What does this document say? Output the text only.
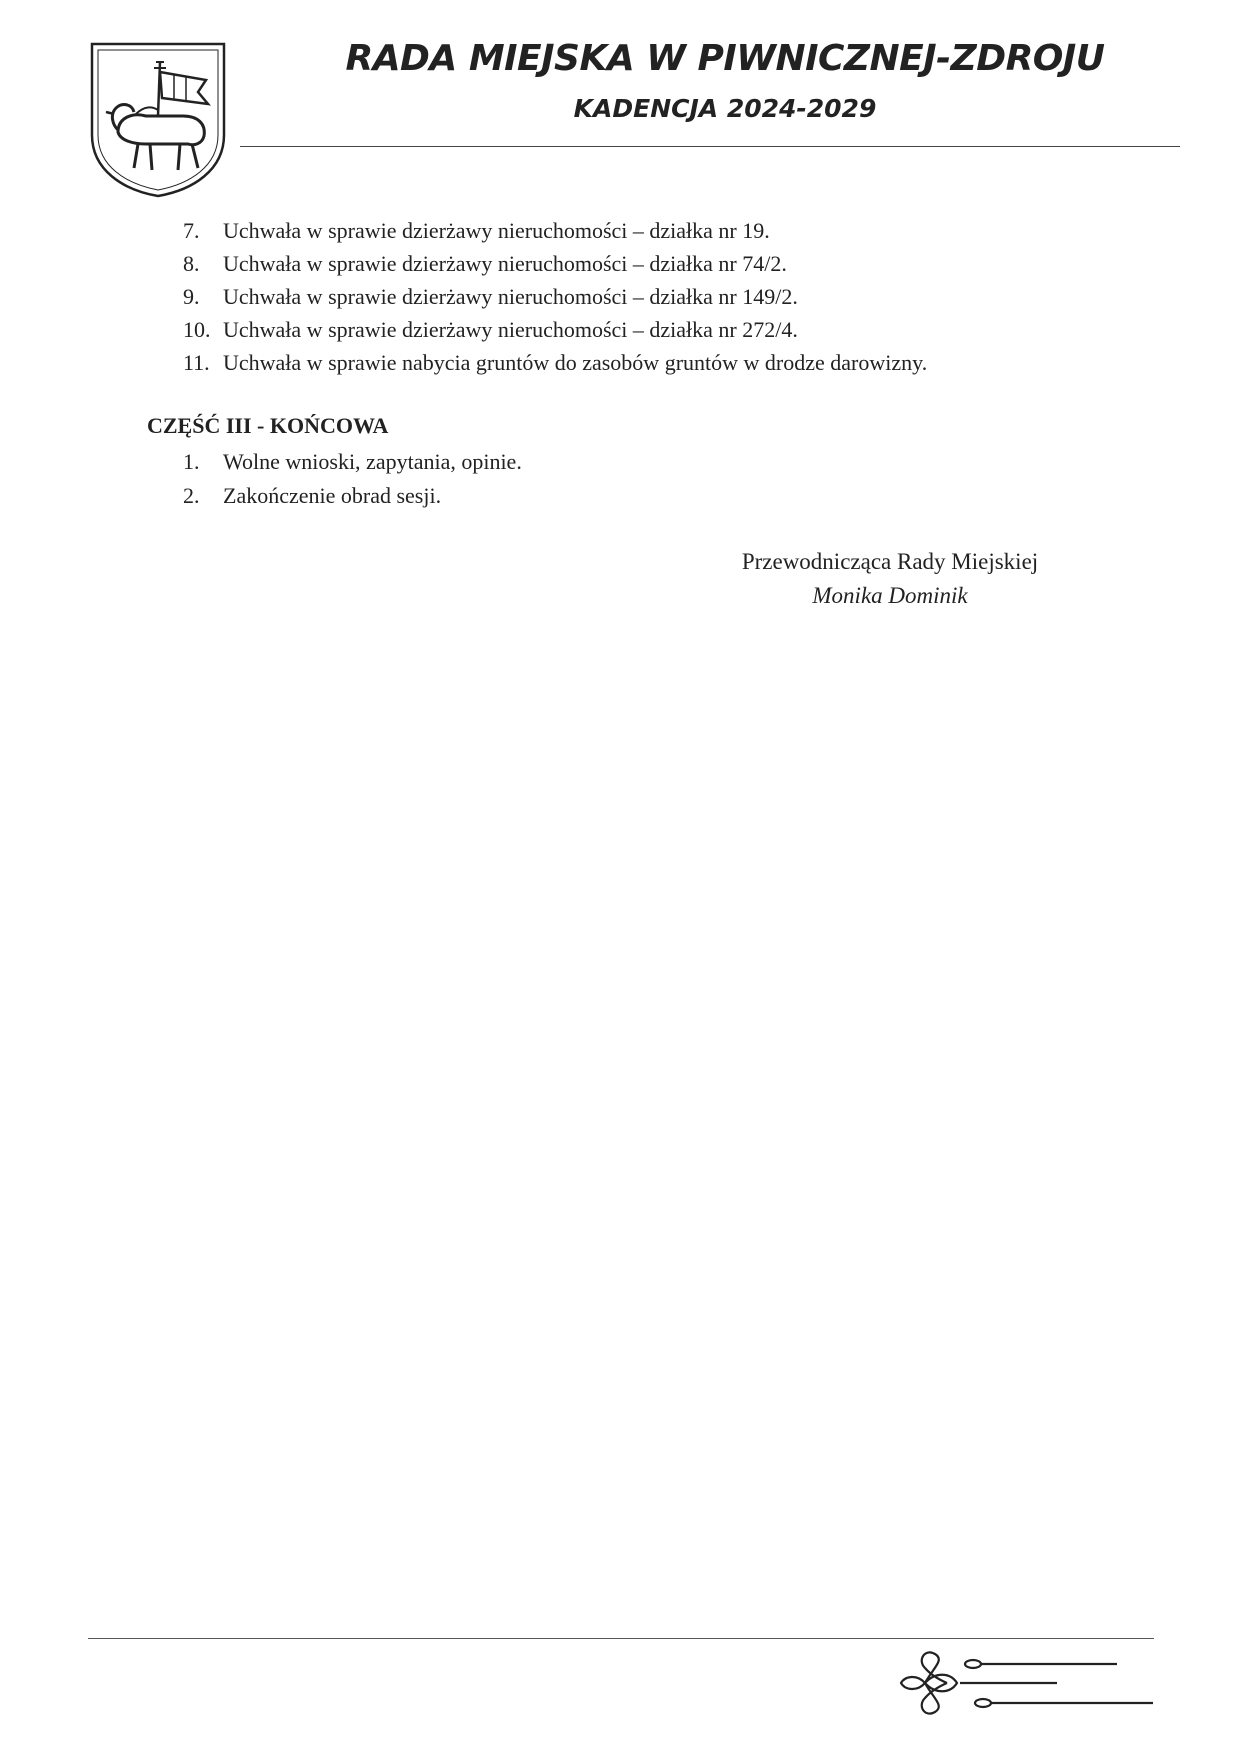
RADA MIEJSKA W PIWNICZNEJ-ZDROJU
KADENCJA 2024-2029
7. Uchwała w sprawie dzierżawy nieruchomości – działka nr 19.
8. Uchwała w sprawie dzierżawy nieruchomości – działka nr 74/2.
9. Uchwała w sprawie dzierżawy nieruchomości – działka nr 149/2.
10. Uchwała w sprawie dzierżawy nieruchomości – działka nr 272/4.
11. Uchwała w sprawie nabycia gruntów do zasobów gruntów w drodze darowizny.
CZĘŚĆ III - KOŃCOWA
1. Wolne wnioski, zapytania, opinie.
2. Zakończenie obrad sesji.
Przewodnicząca Rady Miejskiej
Monika Dominik
